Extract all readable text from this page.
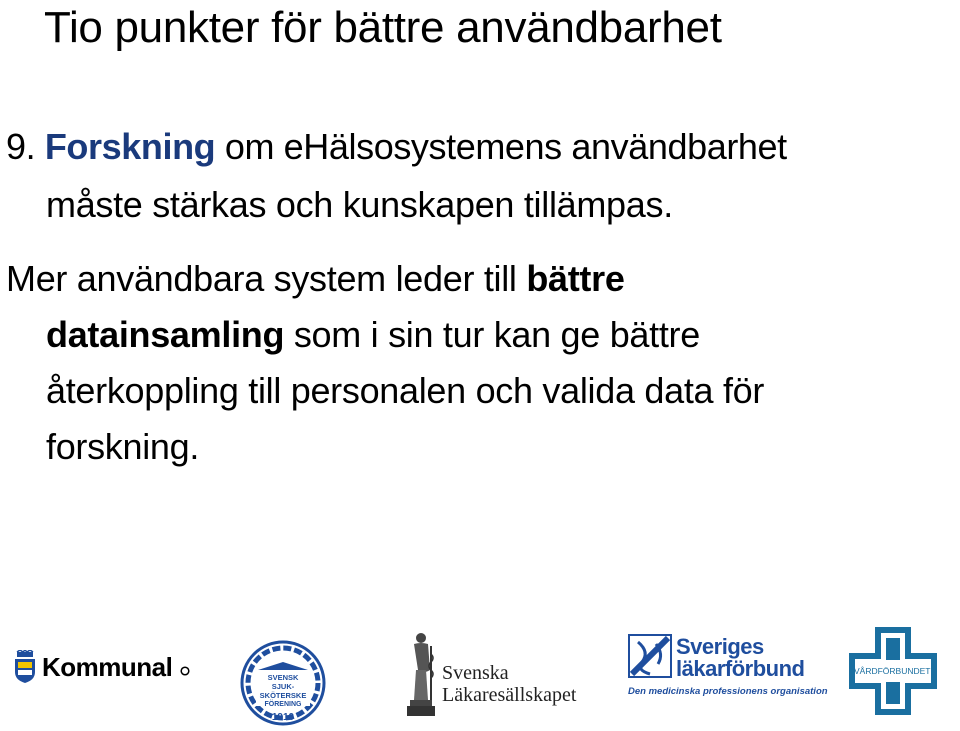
Tio punkter för bättre användbarhet
9. Forskning om eHälsosystemens användbarhet
måste stärkas och kunskapen tillämpas.
Mer användbara system leder till bättre
datainsamling som i sin tur kan ge bättre
återkoppling till personalen och valida data för
forskning.
Kommunal	SVENSK
SJUK-
SKÖTERSKE
FÖRENING
1910
Svenska
Läkaresällskapet
Sveriges
läkarförbund
Den medicinska professionens organisation
VÅRDFÖRBUNDET
